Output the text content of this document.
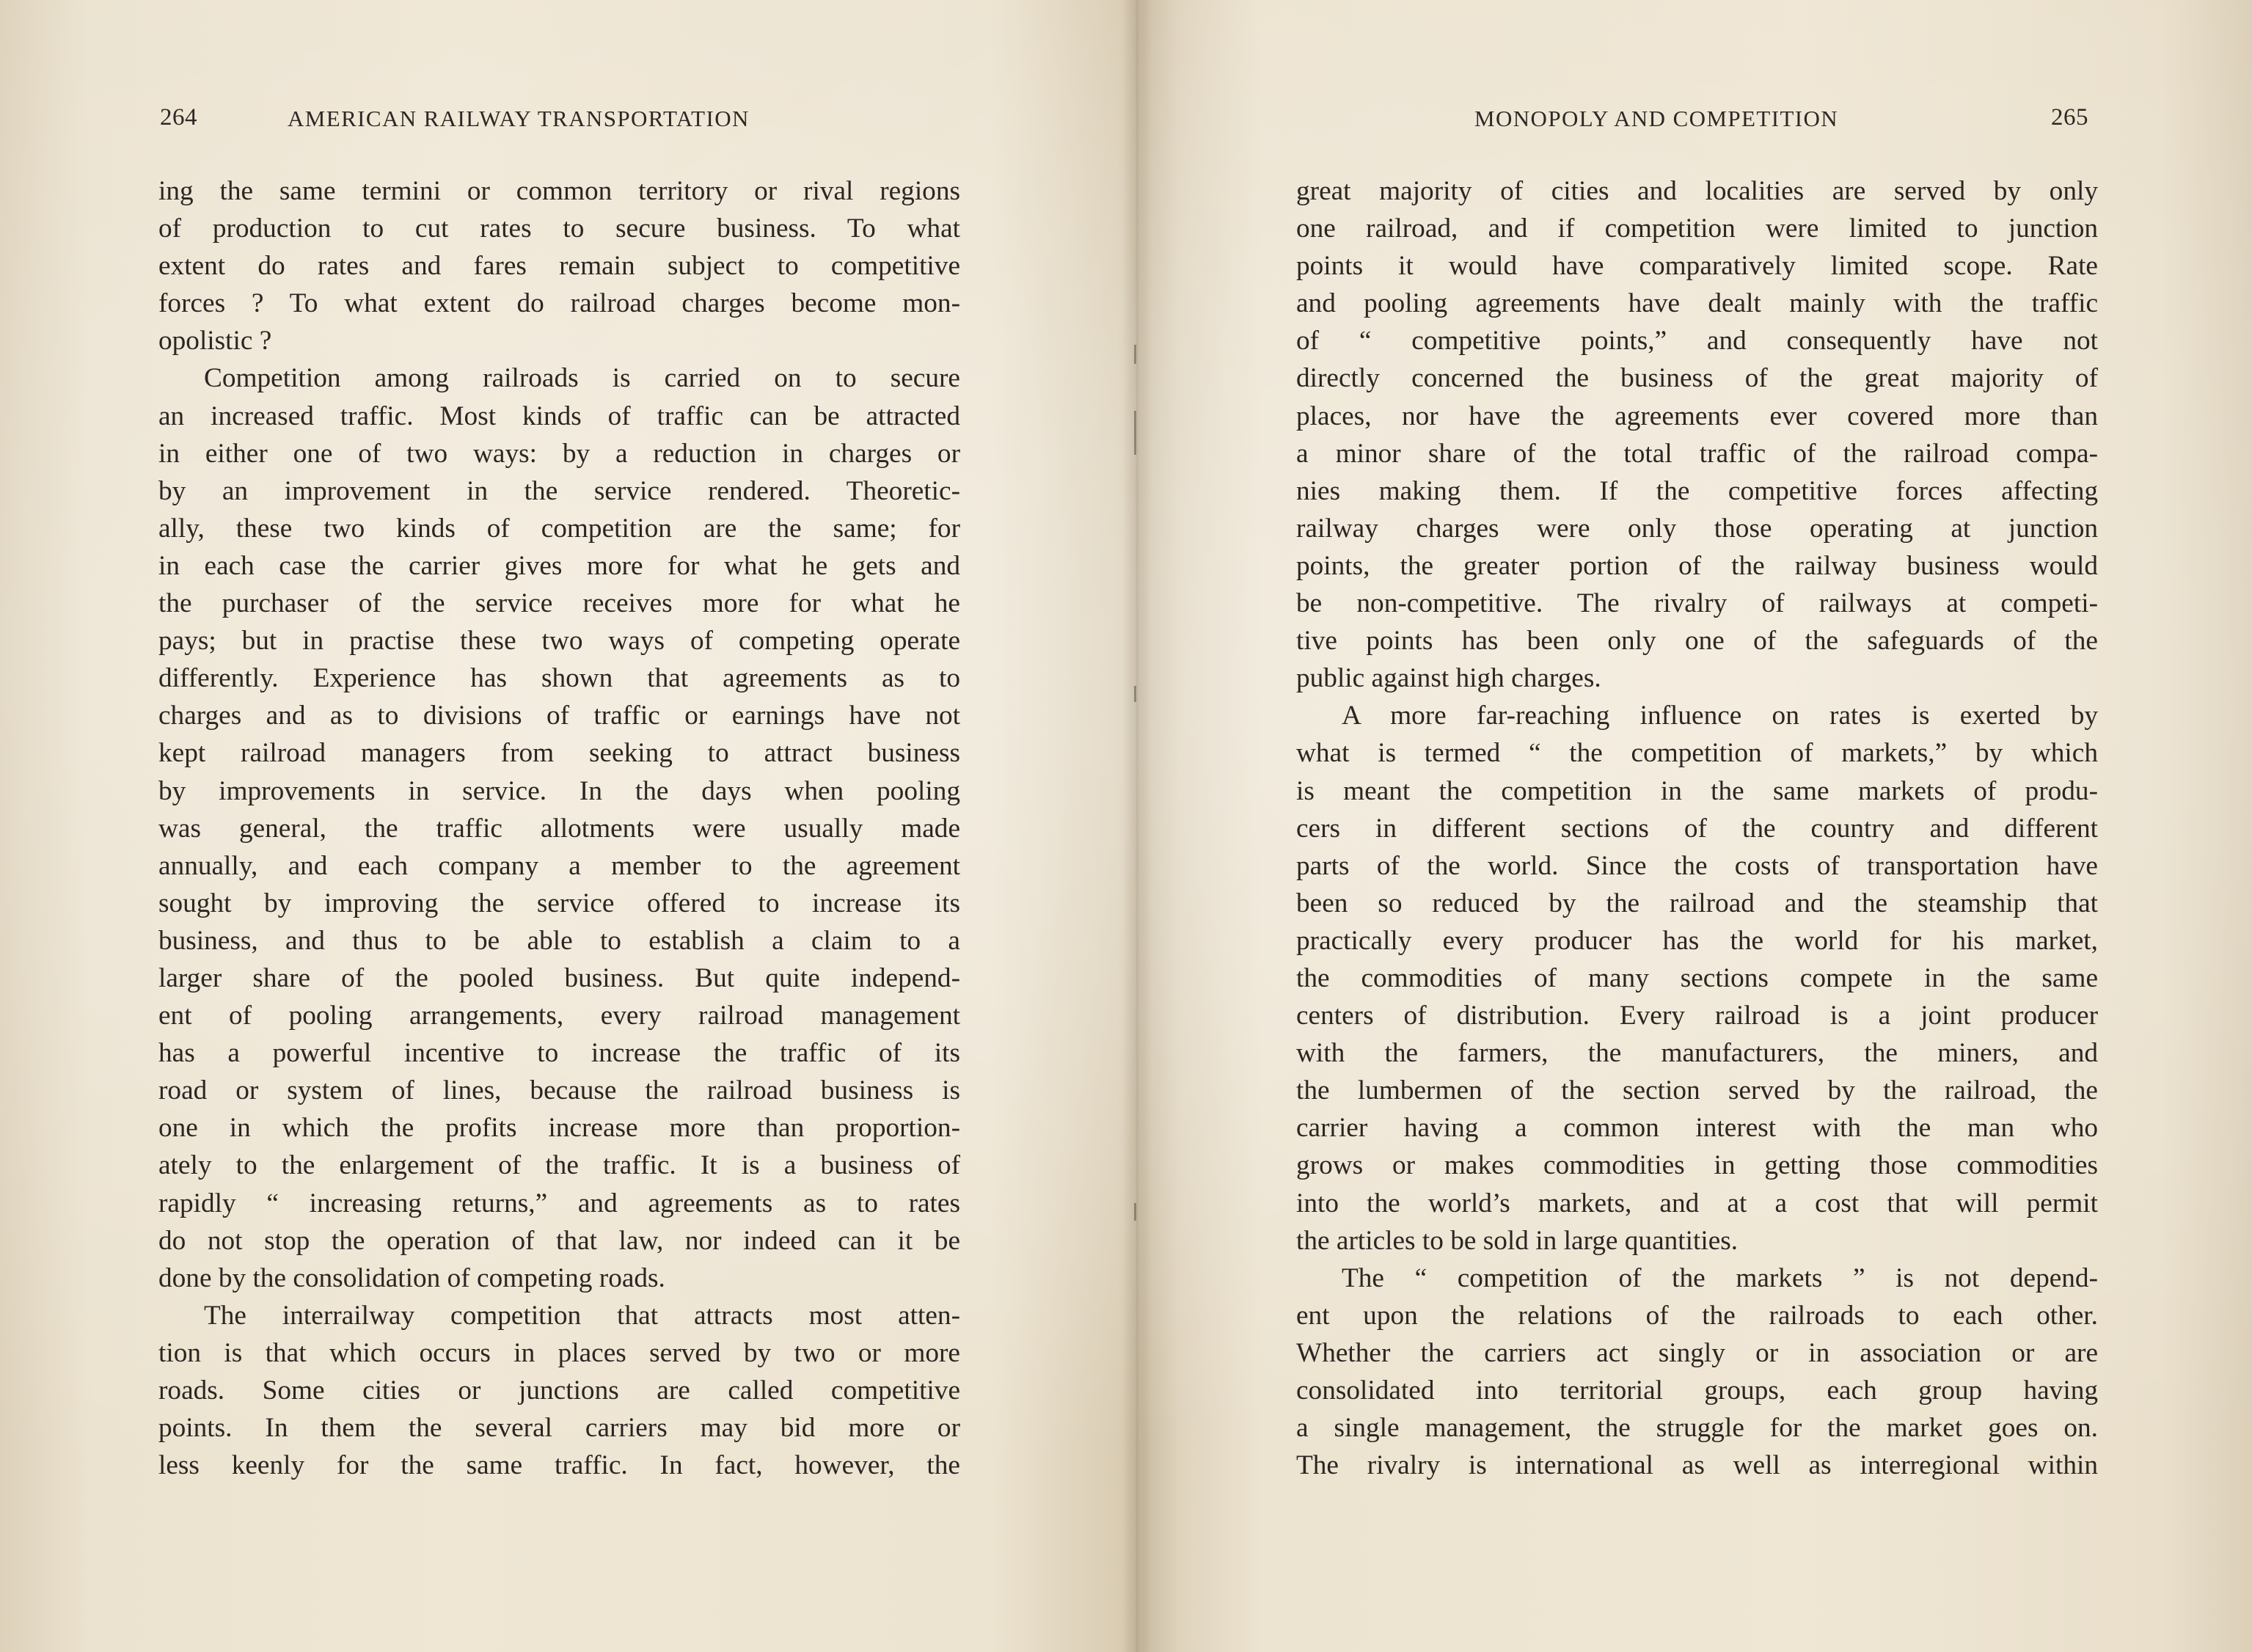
264	AMERICAN RAILWAY TRANSPORTATION
ing the same termini or common territory or rival regions
of production to cut rates to secure business. To what
extent do rates and fares remain subject to competitive
forces ? To what extent do railroad charges become mon-
opolistic ?
Competition among railroads is carried on to secure
an increased traffic. Most kinds of traffic can be attracted
in either one of two ways: by a reduction in charges or
by an improvement in the service rendered. Theoretic-
ally, these two kinds of competition are the same; for
in each case the carrier gives more for what he gets and
the purchaser of the service receives more for what he
pays; but in practise these two ways of competing operate
differently. Experience has shown that agreements as to
charges and as to divisions of traffic or earnings have not
kept railroad managers from seeking to attract business
by improvements in service. In the days when pooling
was general, the traffic allotments were usually made
annually, and each company a member to the agreement
sought by improving the service offered to increase its
business, and thus to be able to establish a claim to a
larger share of the pooled business. But quite independ-
ent of pooling arrangements, every railroad management
has a powerful incentive to increase the traffic of its
road or system of lines, because the railroad business is
one in which the profits increase more than proportion-
ately to the enlargement of the traffic. It is a business of
rapidly “ increasing returns,” and agreements as to rates
do not stop the operation of that law, nor indeed can it be
done by the consolidation of competing roads.
The interrailway competition that attracts most atten-
tion is that which occurs in places served by two or more
roads. Some cities or junctions are called competitive
points. In them the several carriers may bid more or
less keenly for the same traffic. In fact, however, the
MONOPOLY AND COMPETITION	265
great majority of cities and localities are served by only
one railroad, and if competition were limited to junction
points it would have comparatively limited scope. Rate
and pooling agreements have dealt mainly with the traffic
of “ competitive points,” and consequently have not
directly concerned the business of the great majority of
places, nor have the agreements ever covered more than
a minor share of the total traffic of the railroad compa-
nies making them. If the competitive forces affecting
railway charges were only those operating at junction
points, the greater portion of the railway business would
be non-competitive. The rivalry of railways at competi-
tive points has been only one of the safeguards of the
public against high charges.
A more far-reaching influence on rates is exerted by
what is termed “ the competition of markets,” by which
is meant the competition in the same markets of produ-
cers in different sections of the country and different
parts of the world. Since the costs of transportation have
been so reduced by the railroad and the steamship that
practically every producer has the world for his market,
the commodities of many sections compete in the same
centers of distribution. Every railroad is a joint producer
with the farmers, the manufacturers, the miners, and
the lumbermen of the section served by the railroad, the
carrier having a common interest with the man who
grows or makes commodities in getting those commodities
into the world’s markets, and at a cost that will permit
the articles to be sold in large quantities.
The “ competition of the markets ” is not depend-
ent upon the relations of the railroads to each other.
Whether the carriers act singly or in association or are
consolidated into territorial groups, each group having
a single management, the struggle for the market goes on.
The rivalry is international as well as interregional within
